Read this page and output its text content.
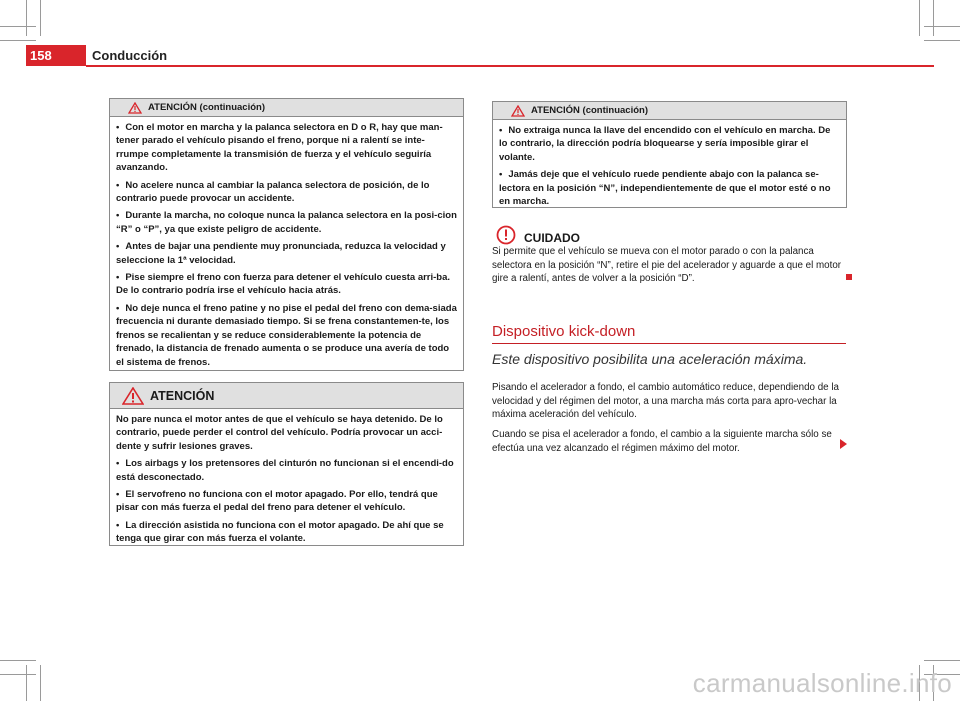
158	Conducción
ATENCIÓN (continuación)

• Con el motor en marcha y la palanca selectora en D o R, hay que man-tener parado el vehículo pisando el freno, porque ni a ralentí se inte-rrumpe completamente la transmisión de fuerza y el vehículo seguiría avanzando.

• No acelere nunca al cambiar la palanca selectora de posición, de lo contrario puede provocar un accidente.

• Durante la marcha, no coloque nunca la palanca selectora en la posi-cion “R” o “P”, ya que existe peligro de accidente.

• Antes de bajar una pendiente muy pronunciada, reduzca la velocidad y seleccione la 1ª velocidad.

• Pise siempre el freno con fuerza para detener el vehículo cuesta arri-ba. De lo contrario podría irse el vehículo hacia atrás.

• No deje nunca el freno patine y no pise el pedal del freno con dema-siada frecuencia ni durante demasiado tiempo. Si se frena constantemen-te, los frenos se recalientan y se reduce considerablemente la potencia de frenado, la distancia de frenado aumenta o se produce una avería de todo el sistema de frenos.

ATENCIÓN

No pare nunca el motor antes de que el vehículo se haya detenido. De lo contrario, puede perder el control del vehículo. Podría provocar un acci-dente y sufrir lesiones graves.

• Los airbags y los pretensores del cinturón no funcionan si el encendi-do está desconectado.

• El servofreno no funciona con el motor apagado. Por ello, tendrá que pisar con más fuerza el pedal del freno para detener el vehículo.

• La dirección asistida no funciona con el motor apagado. De ahí que se tenga que girar con más fuerza el volante.

ATENCIÓN (continuación)

• No extraiga nunca la llave del encendido con el vehículo en marcha. De lo contrario, la dirección podría bloquearse y sería imposible girar el volante.

• Jamás deje que el vehículo ruede pendiente abajo con la palanca se-lectora en la posición “N”, independientemente de que el motor esté o no en marcha.

CUIDADO
Si permite que el vehículo se mueva con el motor parado o con la palanca selectora en la posición “N”, retire el pie del acelerador y aguarde a que el motor gire a ralentí, antes de volver a la posición “D”.
Dispositivo kick-down
Este dispositivo posibilita una aceleración máxima.
Pisando el acelerador a fondo, el cambio automático reduce, dependiendo de la velocidad y del régimen del motor, a una marcha más corta para apro-vechar la máxima aceleración del vehículo.
Cuando se pisa el acelerador a fondo, el cambio a la siguiente marcha sólo se efectúa una vez alcanzado el régimen máximo del motor.
carmanualsonline.info
